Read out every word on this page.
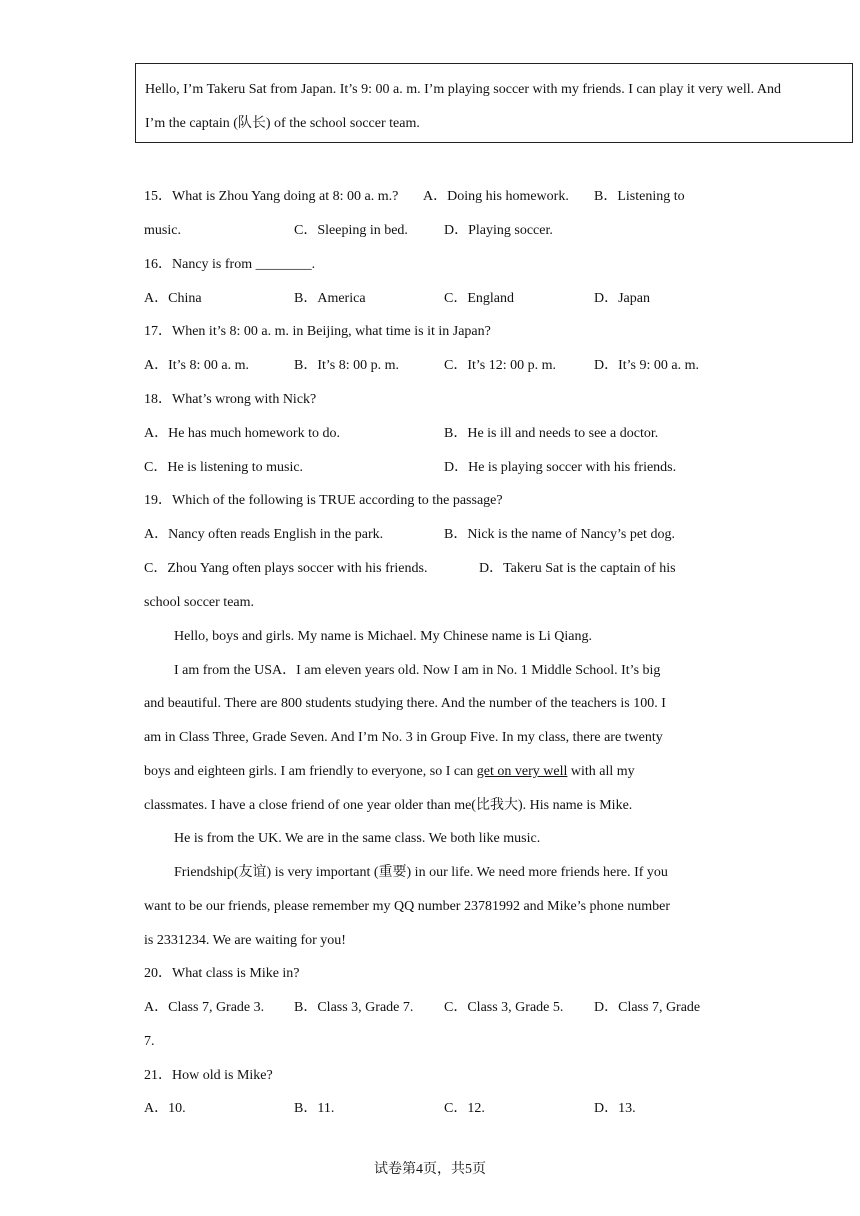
Hello, I’m Takeru Sat from Japan. It’s 9: 00 a. m. I’m playing soccer with my friends. I can play it very well. And
I’m the captain (队长) of the school soccer team.
15．What is Zhou Yang doing at 8: 00 a. m.? A．Doing his homework. B．Listening to
music.	C．Sleeping in bed.	D．Playing soccer.
16．Nancy is from ________.
A．China	B．America	C．England	D．Japan
17．When it’s 8: 00 a. m. in Beijing, what time is it in Japan?
A．It’s 8: 00 a. m.	B．It’s 8: 00 p. m.	C．It’s 12: 00 p. m.	D．It’s 9: 00 a. m.
18．What’s wrong with Nick?
A．He has much homework to do.	B．He is ill and needs to see a doctor.
C．He is listening to music.	D．He is playing soccer with his friends.
19．Which of the following is TRUE according to the passage?
A．Nancy often reads English in the park.	B．Nick is the name of Nancy’s pet dog.
C．Zhou Yang often plays soccer with his friends.	D．Takeru Sat is the captain of his
school soccer team.
Hello, boys and girls. My name is Michael. My Chinese name is Li Qiang.
I am from the USA．I am eleven years old. Now I am in No. 1 Middle School. It’s big
and beautiful. There are 800 students studying there. And the number of the teachers is 100. I
am in Class Three, Grade Seven. And I’m No. 3 in Group Five. In my class, there are twenty
boys and eighteen girls. I am friendly to everyone, so I can get on very well with all my
classmates. I have a close friend of one year older than me(比我大). His name is Mike.
He is from the UK. We are in the same class. We both like music.
Friendship(友谊) is very important (重要) in our life. We need more friends here. If you
want to be our friends, please remember my QQ number 23781992 and Mike’s phone number
is 2331234. We are waiting for you!
20．What class is Mike in?
A．Class 7, Grade 3. B．Class 3, Grade 7. C．Class 3, Grade 5. D．Class 7, Grade
7.
21．How old is Mike?
A．10.	B．11.	C．12.	D．13.
试卷第4页，共5页
